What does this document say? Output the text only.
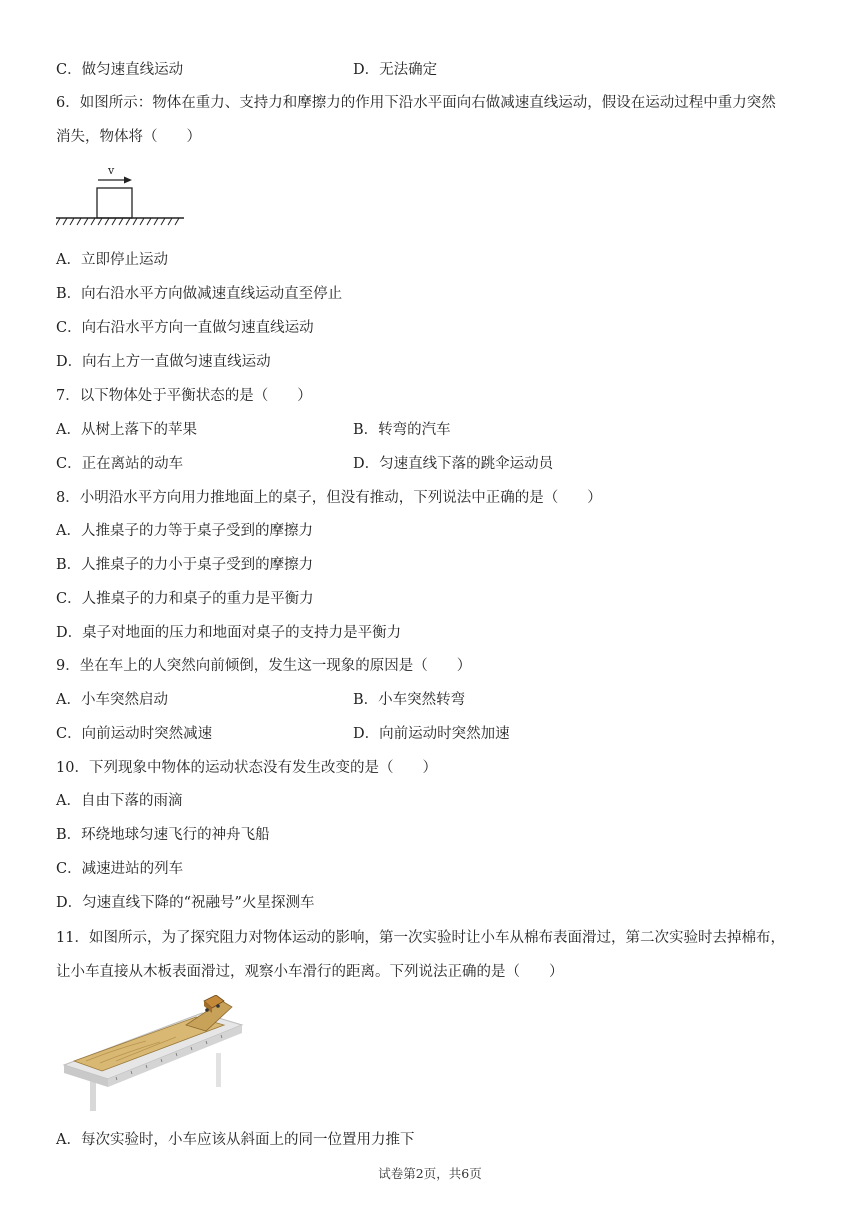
C．做匀速直线运动	D．无法确定
6．如图所示：物体在重力、支持力和摩擦力的作用下沿水平面向右做减速直线运动，假设在运动过程中重力突然
消失，物体将（　　）
v
A．立即停止运动
B．向右沿水平方向做减速直线运动直至停止
C．向右沿水平方向一直做匀速直线运动
D．向右上方一直做匀速直线运动
7．以下物体处于平衡状态的是（　　）
A．从树上落下的苹果	B．转弯的汽车
C．正在离站的动车	D．匀速直线下落的跳伞运动员
8．小明沿水平方向用力推地面上的桌子，但没有推动，下列说法中正确的是（　　）
A．人推桌子的力等于桌子受到的摩擦力
B．人推桌子的力小于桌子受到的摩擦力
C．人推桌子的力和桌子的重力是平衡力
D．桌子对地面的压力和地面对桌子的支持力是平衡力
9．坐在车上的人突然向前倾倒，发生这一现象的原因是（　　）
A．小车突然启动	B．小车突然转弯
C．向前运动时突然减速	D．向前运动时突然加速
10．下列现象中物体的运动状态没有发生改变的是（　　）
A．自由下落的雨滴
B．环绕地球匀速飞行的神舟飞船
C．减速进站的列车
D．匀速直线下降的“祝融号”火星探测车
11．如图所示，为了探究阻力对物体运动的影响，第一次实验时让小车从棉布表面滑过，第二次实验时去掉棉布，
让小车直接从木板表面滑过，观察小车滑行的距离。下列说法正确的是（　　）
A．每次实验时，小车应该从斜面上的同一位置用力推下
试卷第2页，共6页
